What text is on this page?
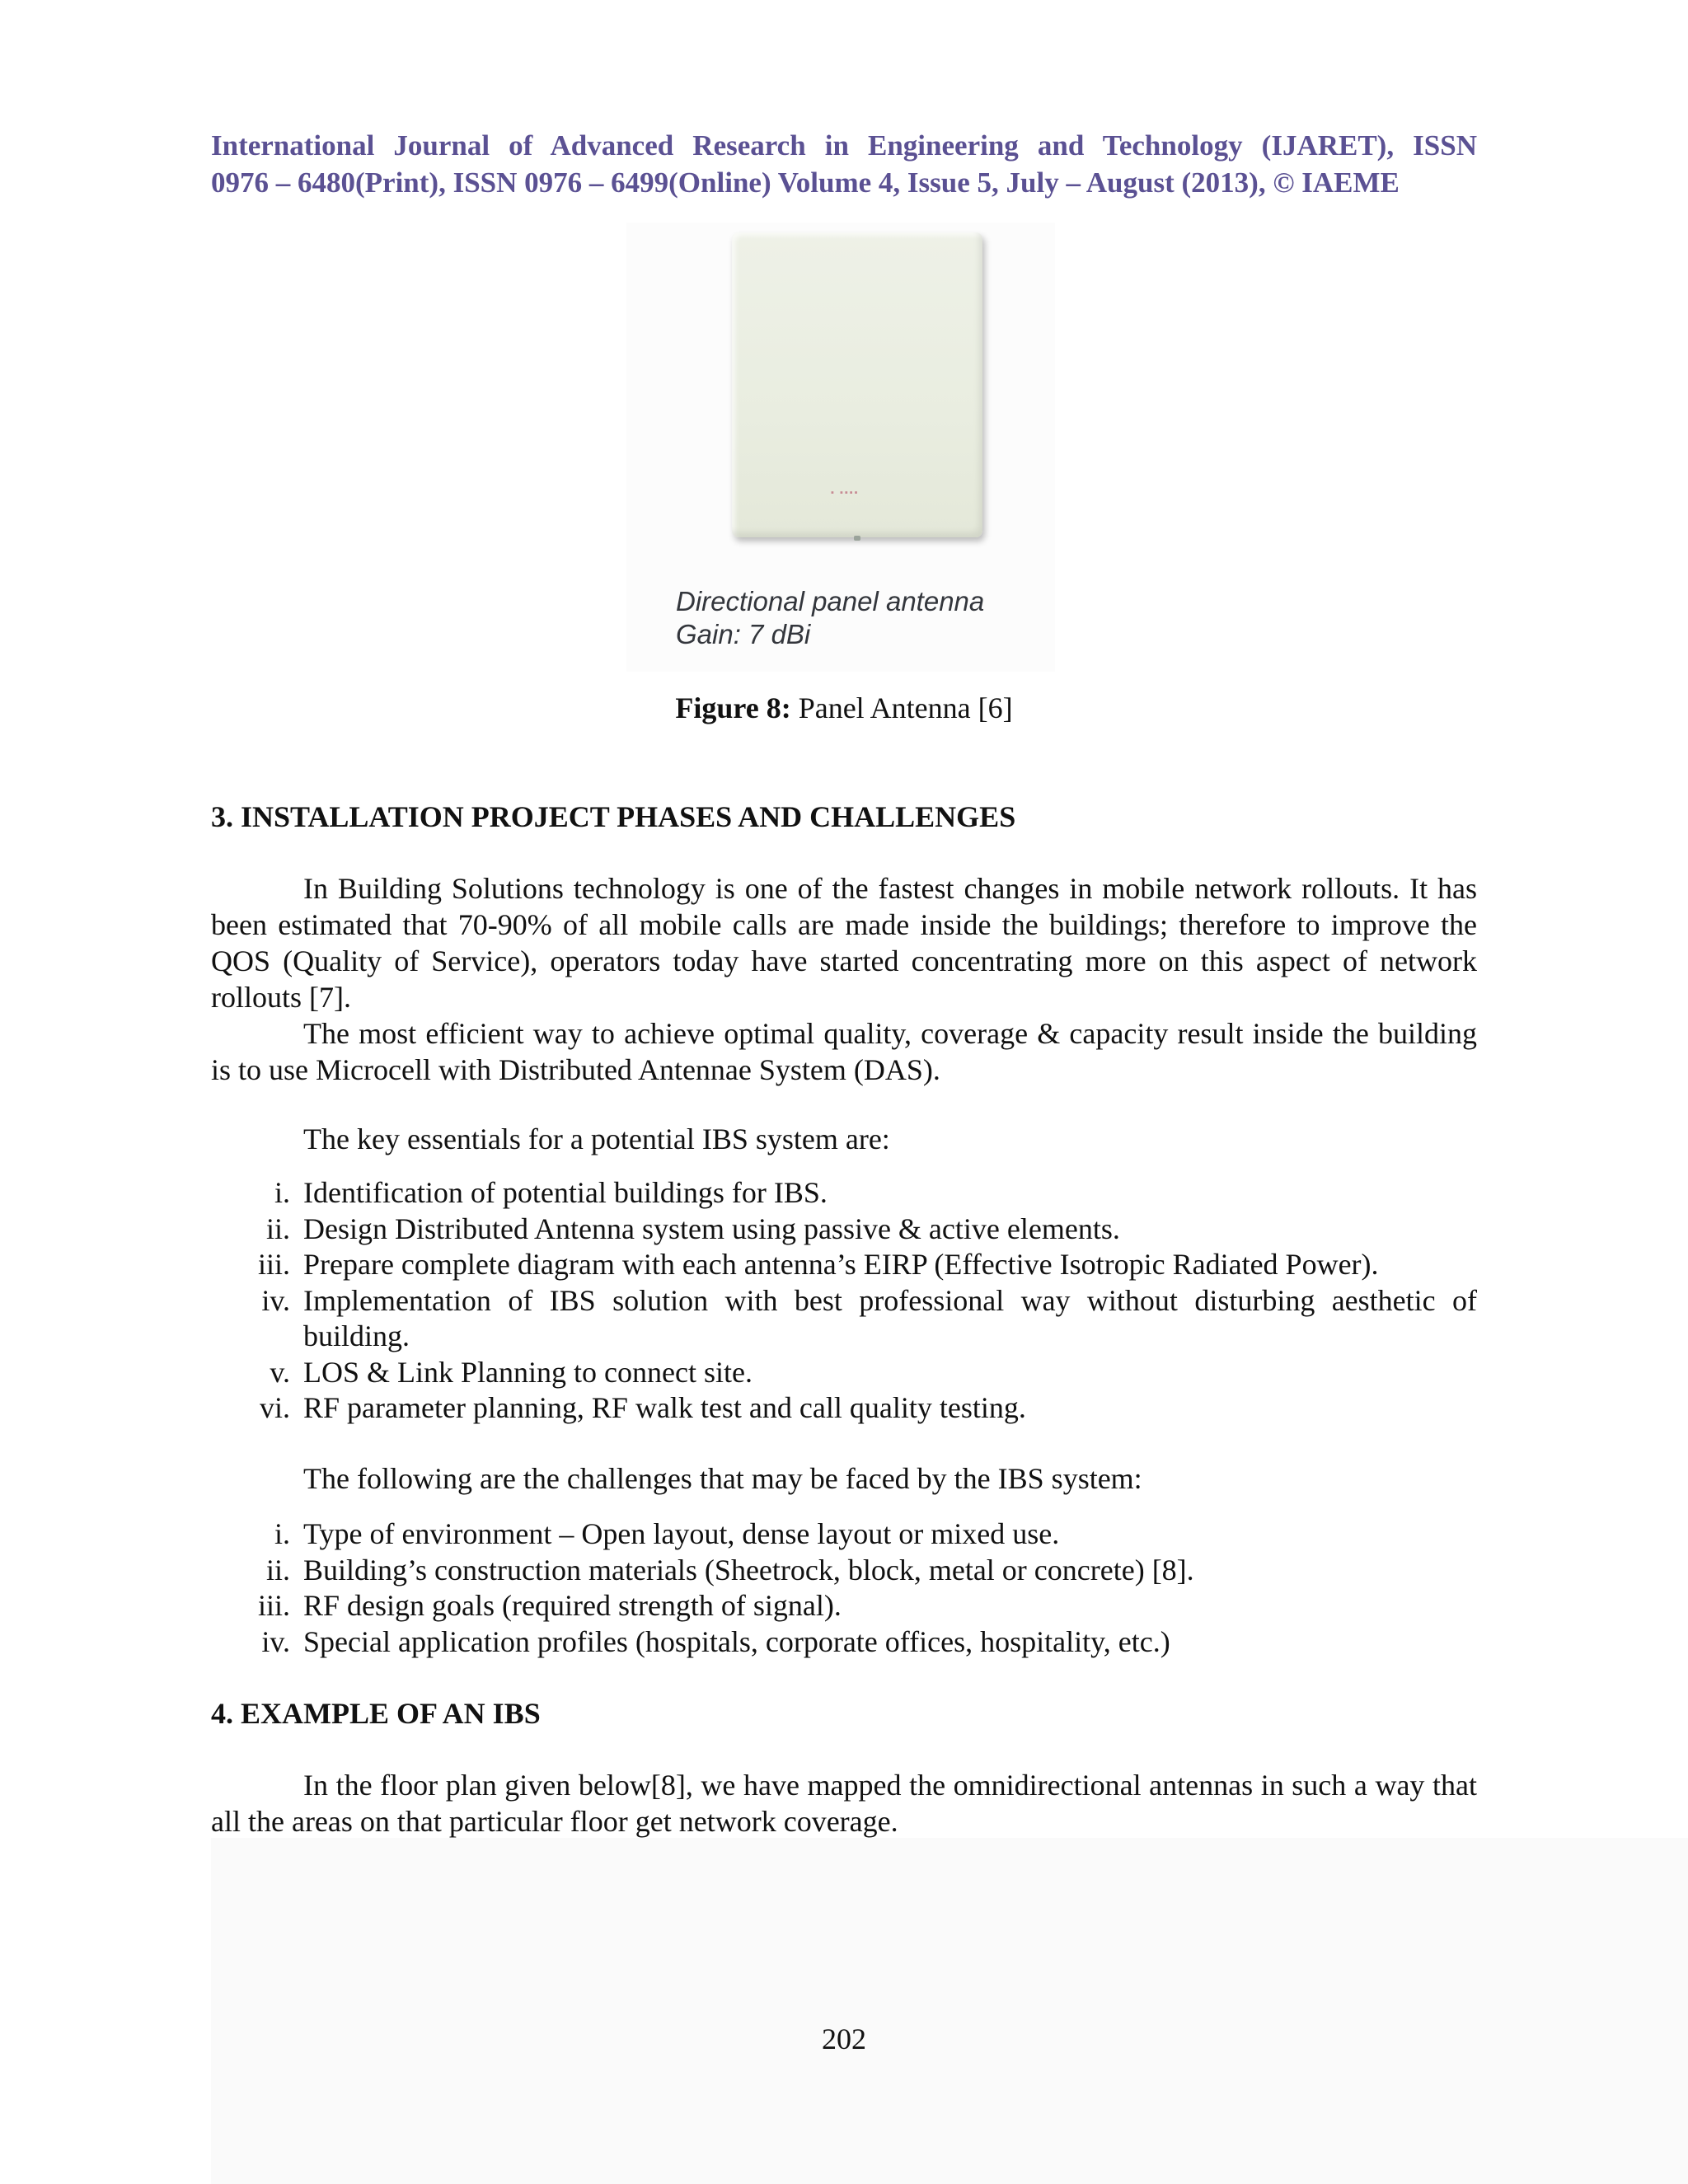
International Journal of Advanced Research in Engineering and Technology (IJARET), ISSN
0976 – 6480(Print), ISSN 0976 – 6499(Online) Volume 4, Issue 5, July – August (2013), © IAEME
▪ ▪▪▪▪
Directional panel antenna
Gain: 7 dBi
Figure 8: Panel Antenna [6]
3. INSTALLATION PROJECT PHASES AND CHALLENGES
In Building Solutions technology is one of the fastest changes in mobile network rollouts. It has been estimated that 70-90% of all mobile calls are made inside the buildings; therefore to improve the QOS (Quality of Service), operators today have started concentrating more on this aspect of network rollouts [7].
The most efficient way to achieve optimal quality, coverage & capacity result inside the building is to use Microcell with Distributed Antennae System (DAS).
The key essentials for a potential IBS system are:
i. Identification of potential buildings for IBS.
ii. Design Distributed Antenna system using passive & active elements.
iii. Prepare complete diagram with each antenna’s EIRP (Effective Isotropic Radiated Power).
iv. Implementation of IBS solution with best professional way without disturbing aesthetic of building.
v. LOS & Link Planning to connect site.
vi. RF parameter planning, RF walk test and call quality testing.
The following are the challenges that may be faced by the IBS system:
i. Type of environment – Open layout, dense layout or mixed use.
ii. Building’s construction materials (Sheetrock, block, metal or concrete) [8].
iii. RF design goals (required strength of signal).
iv. Special application profiles (hospitals, corporate offices, hospitality, etc.)
4. EXAMPLE OF AN IBS
In the floor plan given below[8], we have mapped the omnidirectional antennas in such a way that all the areas on that particular floor get network coverage.
202
